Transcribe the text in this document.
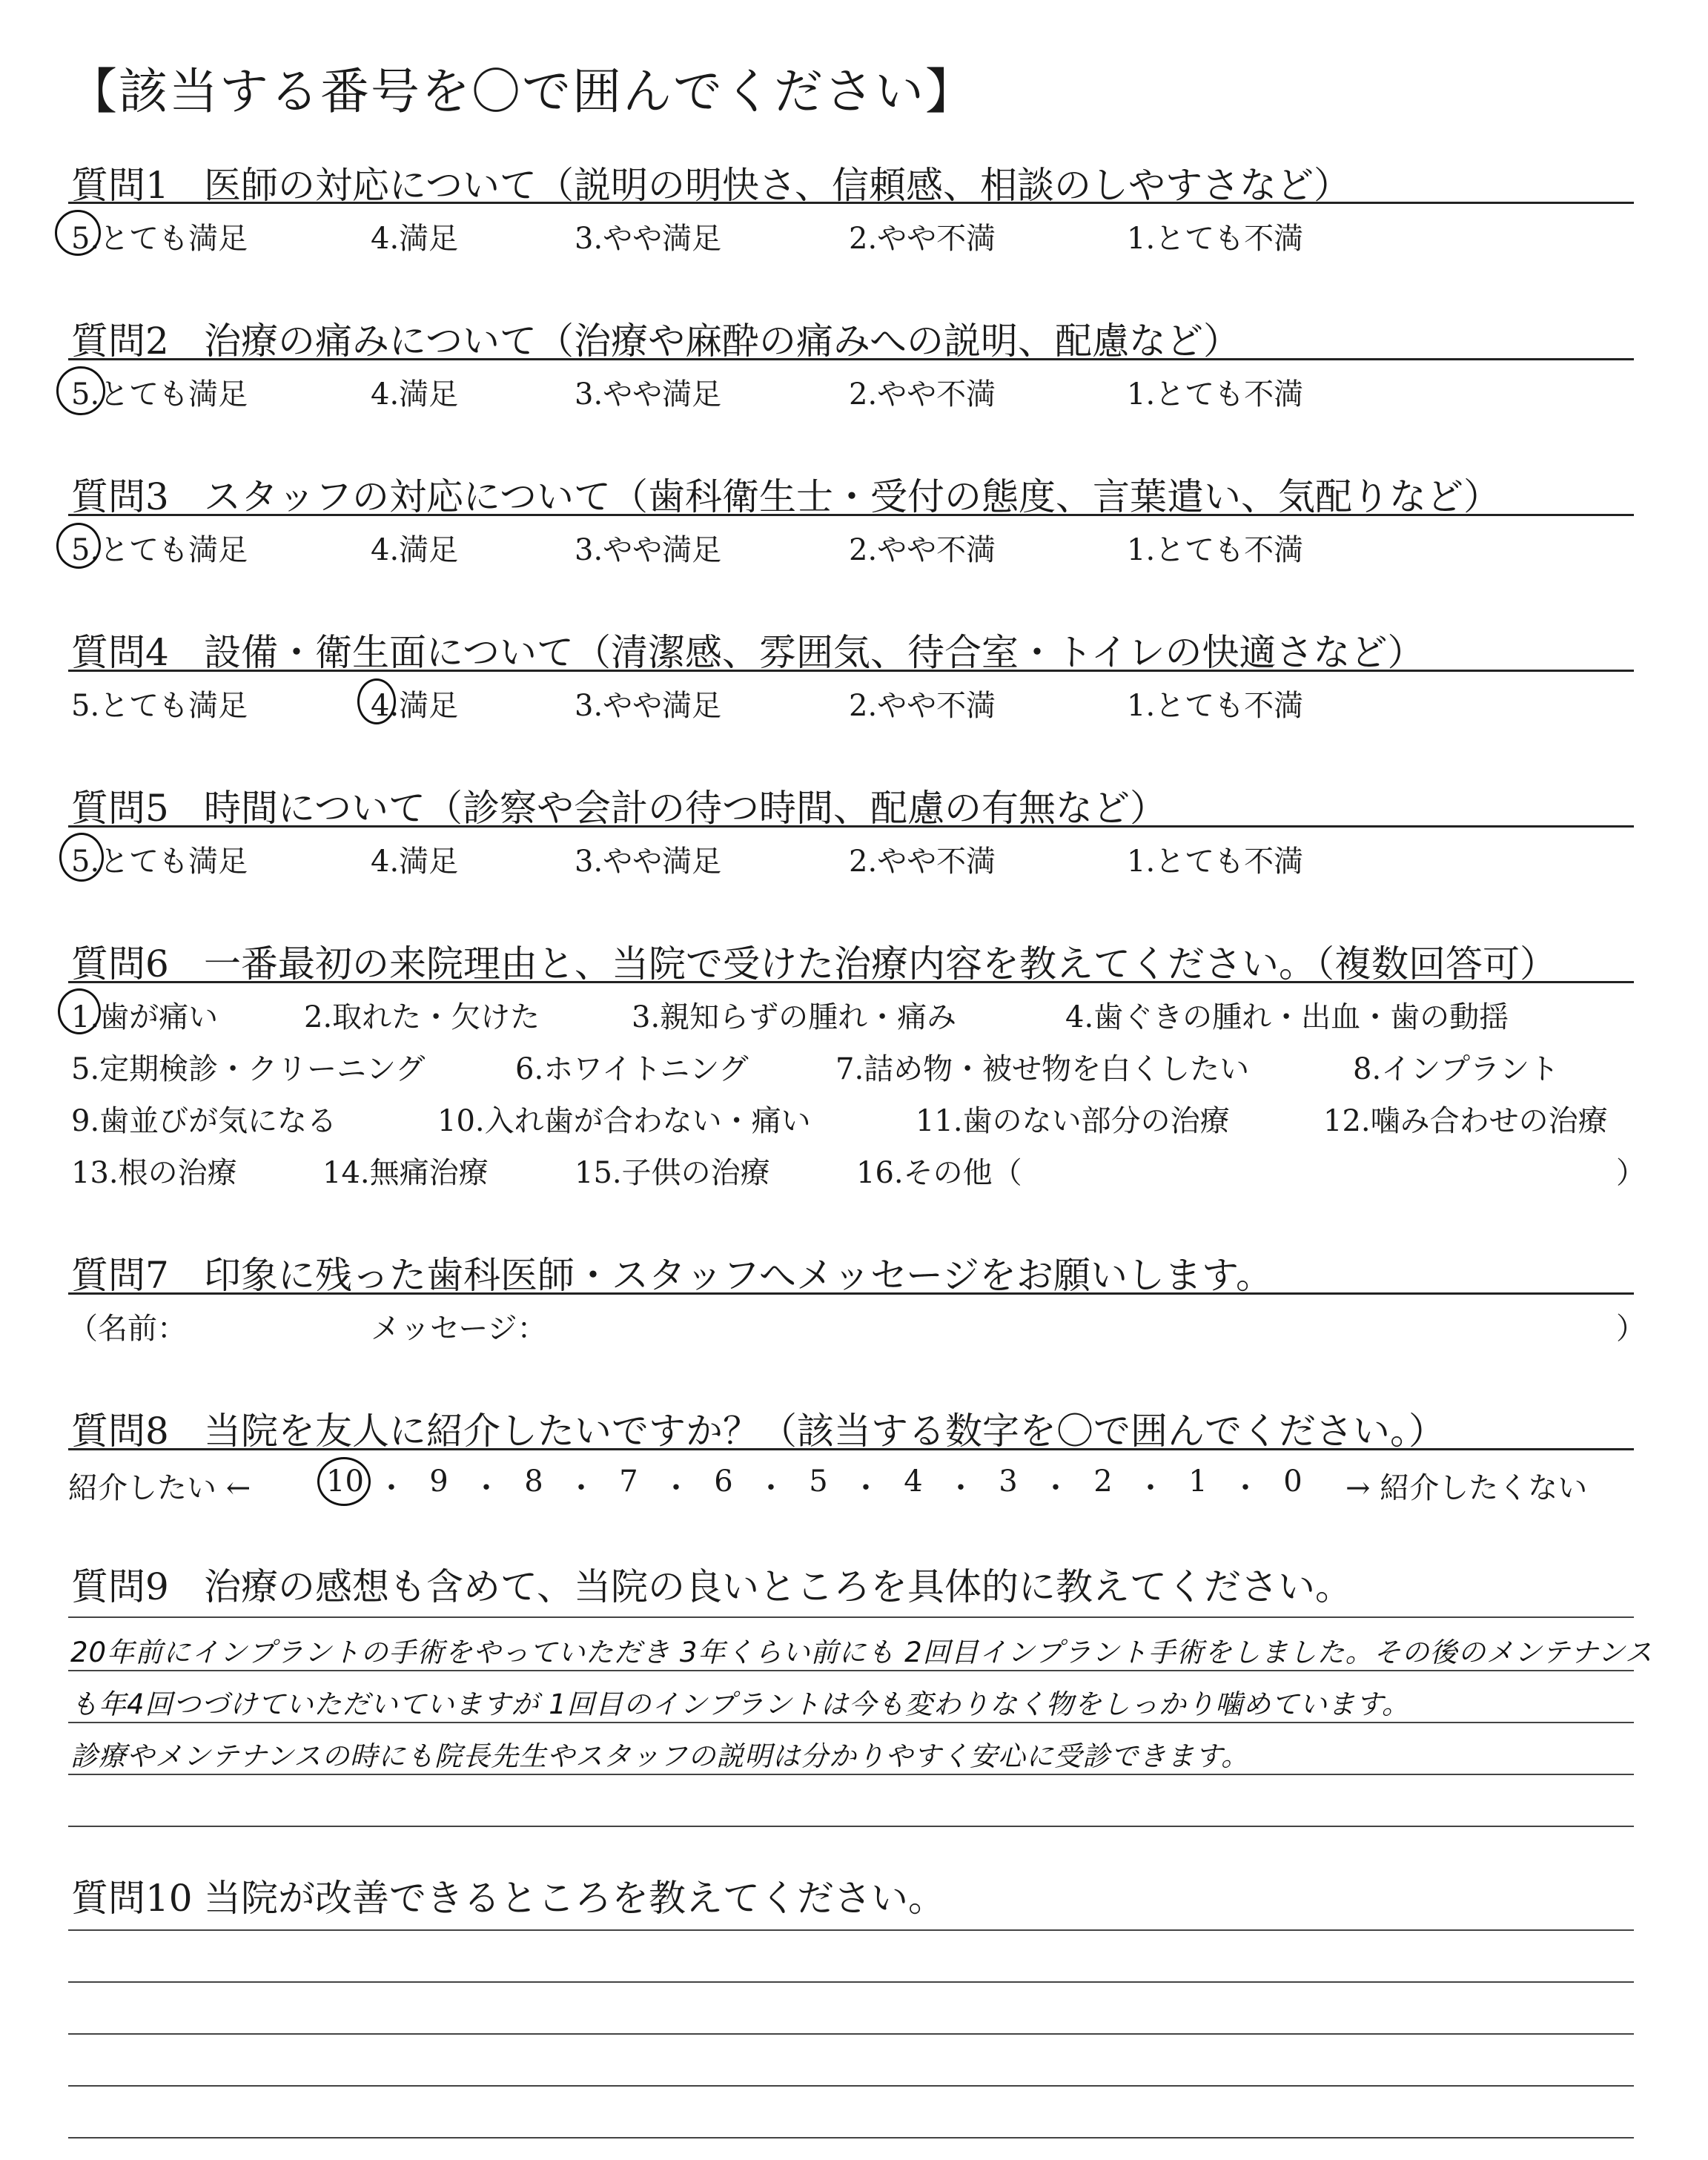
【該当する番号を〇で囲んでください】
質問1 医師の対応について（説明の明快さ、信頼感、相談のしやすさなど）
5.とても満足	4.満足	3.やや満足	2.やや不満	1.とても不満
質問2 治療の痛みについて（治療や麻酔の痛みへの説明、配慮など）
5.とても満足	4.満足	3.やや満足	2.やや不満	1.とても不満
質問3 スタッフの対応について（歯科衛生士・受付の態度、言葉遣い、気配りなど）
5.とても満足	4.満足	3.やや満足	2.やや不満	1.とても不満
質問4 設備・衛生面について（清潔感、雰囲気、待合室・トイレの快適さなど）
5.とても満足	4.満足	3.やや満足	2.やや不満	1.とても不満
質問5 時間について（診察や会計の待つ時間、配慮の有無など）
5.とても満足	4.満足	3.やや満足	2.やや不満	1.とても不満
質問6 一番最初の来院理由と、当院で受けた治療内容を教えてください。（複数回答可）
1.歯が痛い	2.取れた・欠けた	3.親知らずの腫れ・痛み	4.歯ぐきの腫れ・出血・歯の動揺
5.定期検診・クリーニング	6.ホワイトニング	7.詰め物・被せ物を白くしたい	8.インプラント
9.歯並びが気になる	10.入れ歯が合わない・痛い	11.歯のない部分の治療	12.噛み合わせの治療
13.根の治療	14.無痛治療	15.子供の治療	16.その他（	）
質問7 印象に残った歯科医師・スタッフへメッセージをお願いします。
（名前：	メッセージ：	）
質問8 当院を友人に紹介したいですか？（該当する数字を〇で囲んでください。）
紹介したい ←	10 ・ 9 ・ 8 ・ 7 ・ 6 ・ 5 ・ 4 ・ 3 ・ 2 ・ 1 ・ 0 → 紹介したくない
質問9 治療の感想も含めて、当院の良いところを具体的に教えてください。
20年前にインプラントの手術をやっていただき 3年くらい前にも 2回目インプラント手術をしました。その後のメンテナンス
も年4回つづけていただいていますが 1回目のインプラントは今も変わりなく物をしっかり噛めています。
診療やメンテナンスの時にも院長先生やスタッフの説明は分かりやすく安心に受診できます。
質問10 当院が改善できるところを教えてください。
